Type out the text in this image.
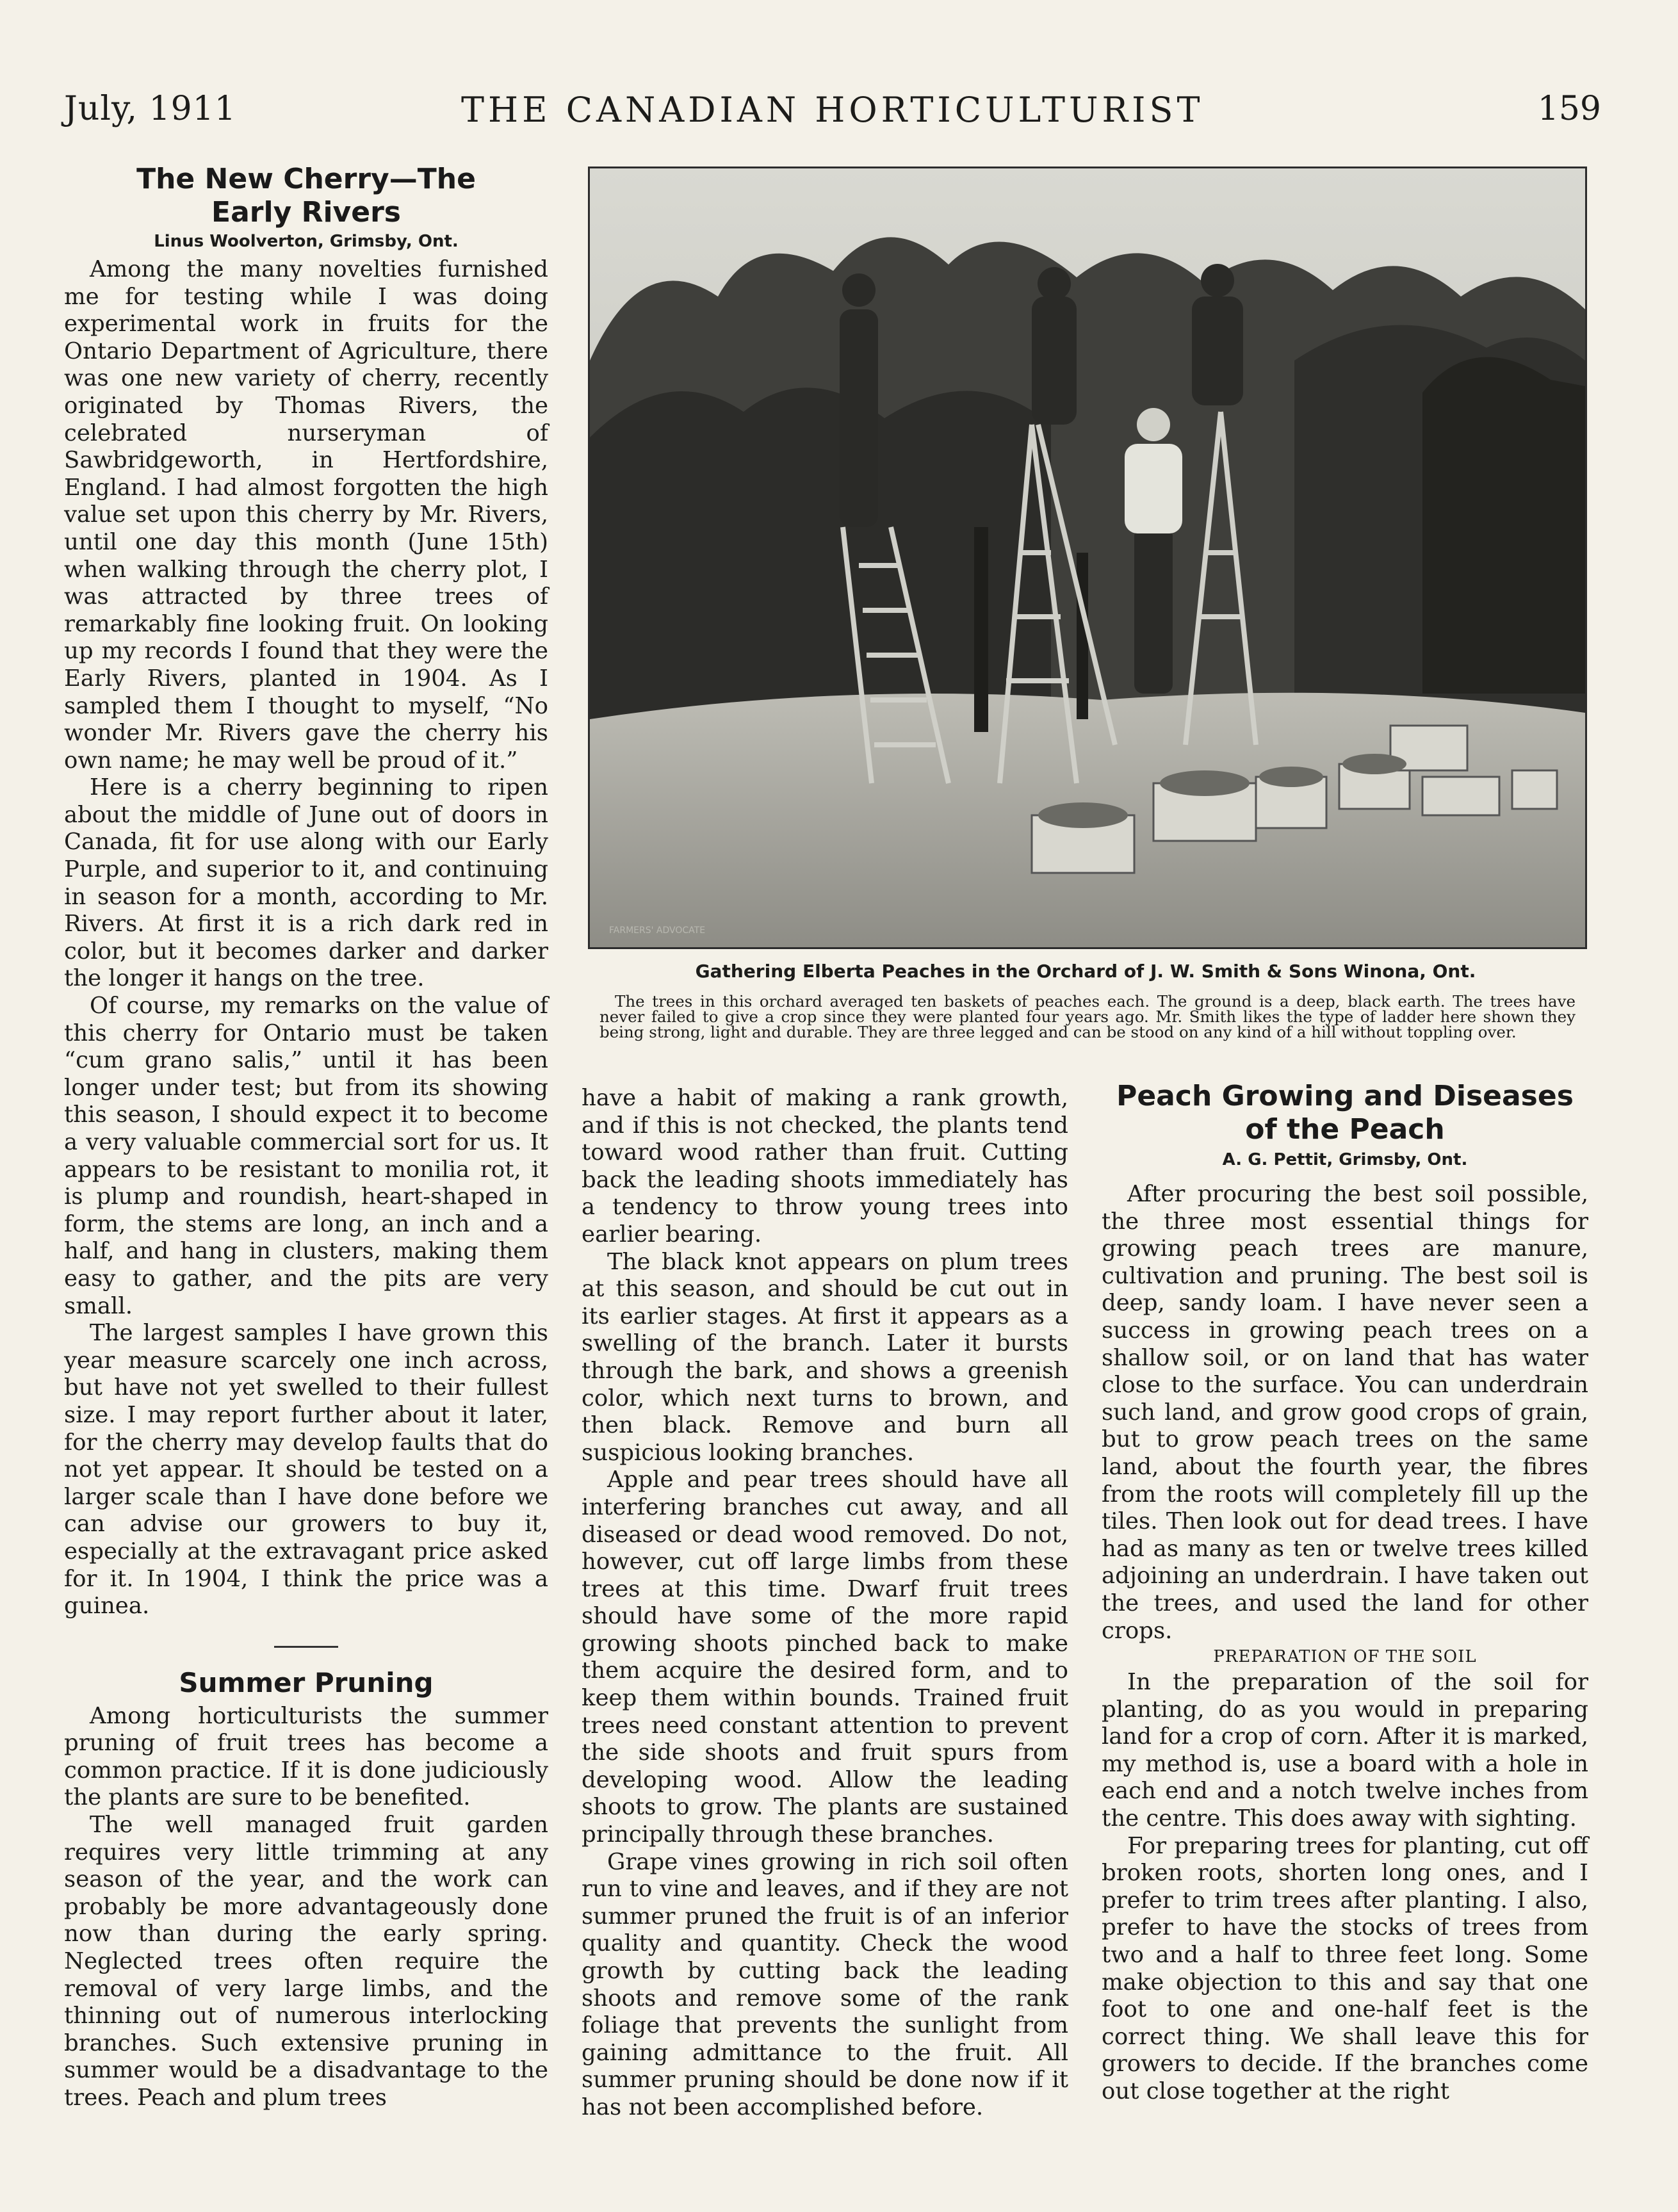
July, 1911	THE CANADIAN HORTICULTURIST	159
The New Cherry—The Early Rivers
Linus Woolverton, Grimsby, Ont.

Among the many novelties furnished me for testing while I was doing experimental work in fruits for the Ontario Department of Agriculture, there was one new variety of cherry, recently originated by Thomas Rivers, the celebrated nurseryman of Sawbridgeworth, in Hertfordshire, England. I had almost forgotten the high value set upon this cherry by Mr. Rivers, until one day this month (June 15th) when walking through the cherry plot, I was attracted by three trees of remarkably fine looking fruit. On looking up my records I found that they were the Early Rivers, planted in 1904. As I sampled them I thought to myself, “No wonder Mr. Rivers gave the cherry his own name; he may well be proud of it.”

Here is a cherry beginning to ripen about the middle of June out of doors in Canada, fit for use along with our Early Purple, and superior to it, and continuing in season for a month, according to Mr. Rivers. At first it is a rich dark red in color, but it becomes darker and darker the longer it hangs on the tree.

Of course, my remarks on the value of this cherry for Ontario must be taken “cum grano salis,” until it has been longer under test; but from its showing this season, I should expect it to become a very valuable commercial sort for us. It appears to be resistant to monilia rot, it is plump and roundish, heart-shaped in form, the stems are long, an inch and a half, and hang in clusters, making them easy to gather, and the pits are very small.

The largest samples I have grown this year measure scarcely one inch across, but have not yet swelled to their fullest size. I may report further about it later, for the cherry may develop faults that do not yet appear. It should be tested on a larger scale than I have done before we can advise our growers to buy it, especially at the extravagant price asked for it. In 1904, I think the price was a guinea.

Summer Pruning

Among horticulturists the summer pruning of fruit trees has become a common practice. If it is done judiciously the plants are sure to be benefited.

The well managed fruit garden requires very little trimming at any season of the year, and the work can probably be more advantageously done now than during the early spring. Neglected trees often require the removal of very large limbs, and the thinning out of numerous interlocking branches. Such extensive pruning in summer would be a disadvantage to the trees. Peach and plum trees

FARMERS' ADVOCATE
Gathering Elberta Peaches in the Orchard of J. W. Smith & Sons Winona, Ont.
The trees in this orchard averaged ten baskets of peaches each. The ground is a deep, black earth. The trees have never failed to give a crop since they were planted four years ago. Mr. Smith likes the type of ladder here shown they being strong, light and durable. They are three legged and can be stood on any kind of a hill without toppling over.

have a habit of making a rank growth, and if this is not checked, the plants tend toward wood rather than fruit. Cutting back the leading shoots immediately has a tendency to throw young trees into earlier bearing.

The black knot appears on plum trees at this season, and should be cut out in its earlier stages. At first it appears as a swelling of the branch. Later it bursts through the bark, and shows a greenish color, which next turns to brown, and then black. Remove and burn all suspicious looking branches.

Apple and pear trees should have all interfering branches cut away, and all diseased or dead wood removed. Do not, however, cut off large limbs from these trees at this time. Dwarf fruit trees should have some of the more rapid growing shoots pinched back to make them acquire the desired form, and to keep them within bounds. Trained fruit trees need constant attention to prevent the side shoots and fruit spurs from developing wood. Allow the leading shoots to grow. The plants are sustained principally through these branches.

Grape vines growing in rich soil often run to vine and leaves, and if they are not summer pruned the fruit is of an inferior quality and quantity. Check the wood growth by cutting back the leading shoots and remove some of the rank foliage that prevents the sunlight from gaining admittance to the fruit. All summer pruning should be done now if it has not been accomplished before.

Peach Growing and Diseases of the Peach
A. G. Pettit, Grimsby, Ont.

After procuring the best soil possible, the three most essential things for growing peach trees are manure, cultivation and pruning. The best soil is deep, sandy loam. I have never seen a success in growing peach trees on a shallow soil, or on land that has water close to the surface. You can underdrain such land, and grow good crops of grain, but to grow peach trees on the same land, about the fourth year, the fibres from the roots will completely fill up the tiles. Then look out for dead trees. I have had as many as ten or twelve trees killed adjoining an underdrain. I have taken out the trees, and used the land for other crops.

PREPARATION OF THE SOIL

In the preparation of the soil for planting, do as you would in preparing land for a crop of corn. After it is marked, my method is, use a board with a hole in each end and a notch twelve inches from the centre. This does away with sighting.

For preparing trees for planting, cut off broken roots, shorten long ones, and I prefer to trim trees after planting. I also, prefer to have the stocks of trees from two and a half to three feet long. Some make objection to this and say that one foot to one and one-half feet is the correct thing. We shall leave this for growers to decide. If the branches come out close together at the right
